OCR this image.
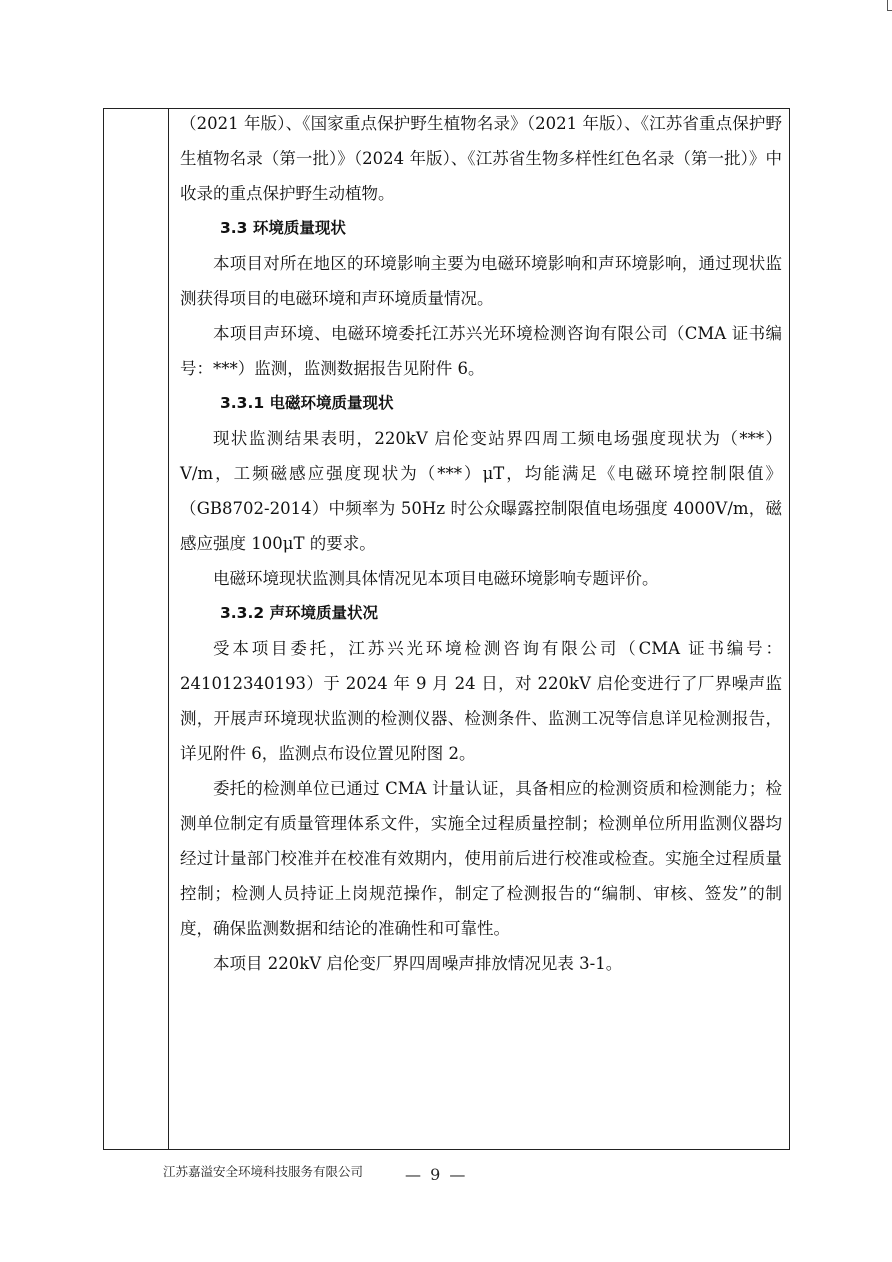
（2021 年版）、《国家重点保护野生植物名录》（2021 年版）、《江苏省重点保护野生植物名录（第一批）》（2024 年版）、《江苏省生物多样性红色名录（第一批）》中收录的重点保护野生动植物。

3.3 环境质量现状

本项目对所在地区的环境影响主要为电磁环境影响和声环境影响，通过现状监测获得项目的电磁环境和声环境质量情况。

本项目声环境、电磁环境委托江苏兴光环境检测咨询有限公司（CMA 证书编号：***）监测，监测数据报告见附件 6。

3.3.1 电磁环境质量现状

现状监测结果表明，220kV 启伦变站界四周工频电场强度现状为（***）V/m，工频磁感应强度现状为（***）μT，均能满足《电磁环境控制限值》（GB8702-2014）中频率为 50Hz 时公众曝露控制限值电场强度 4000V/m，磁感应强度 100μT 的要求。

电磁环境现状监测具体情况见本项目电磁环境影响专题评价。

3.3.2 声环境质量状况

受本项目委托，江苏兴光环境检测咨询有限公司（CMA 证书编号：241012340193）于 2024 年 9 月 24 日，对 220kV 启伦变进行了厂界噪声监测，开展声环境现状监测的检测仪器、检测条件、监测工况等信息详见检测报告，详见附件 6，监测点布设位置见附图 2。

委托的检测单位已通过 CMA 计量认证，具备相应的检测资质和检测能力；检测单位制定有质量管理体系文件，实施全过程质量控制；检测单位所用监测仪器均经过计量部门校准并在校准有效期内，使用前后进行校准或检查。实施全过程质量控制；检测人员持证上岗规范操作，制定了检测报告的“编制、审核、签发”的制度，确保监测数据和结论的准确性和可靠性。

本项目 220kV 启伦变厂界四周噪声排放情况见表 3-1。

江苏嘉溢安全环境科技服务有限公司	— 9 —
